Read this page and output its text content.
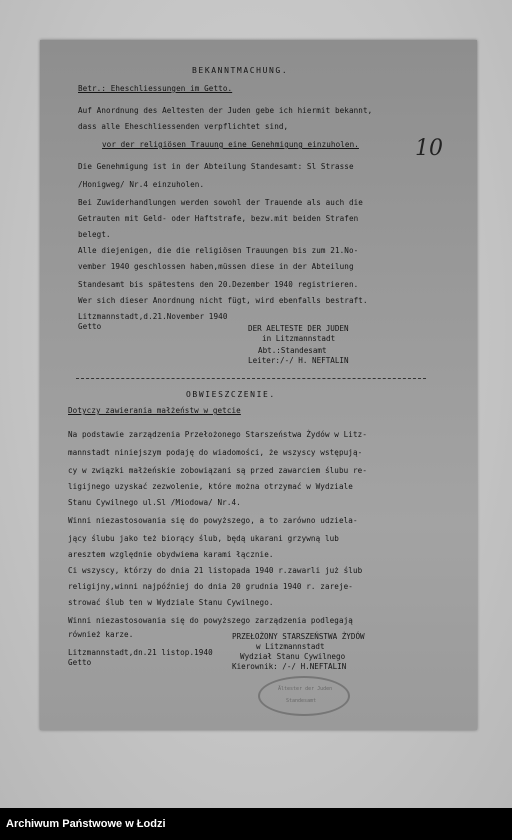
BEKANNTMACHUNG.
Betr.: Eheschliessungen im Getto.
Auf Anordnung des Aeltesten der Juden gebe ich hiermit bekannt,
dass alle Eheschliessenden verpflichtet sind,
vor der religiösen Trauung eine Genehmigung einzuholen.
Die Genehmigung ist in der Abteilung Standesamt: Sl Strasse
/Honigweg/ Nr.4 einzuholen.
Bei Zuwiderhandlungen werden sowohl der Trauende als auch die
Getrauten mit Geld- oder Haftstrafe, bezw.mit beiden Strafen
belegt.
Alle diejenigen, die die religiösen Trauungen bis zum 21.No-
vember 1940 geschlossen haben,müssen diese in der Abteilung
Standesamt bis spätestens den 20.Dezember 1940 registrieren.
Wer sich dieser Anordnung nicht fügt, wird ebenfalls bestraft.
Litzmannstadt,d.21.November 1940
Getto	DER AELTESTE DER JUDEN
in Litzmannstadt
Abt.:Standesamt
Leiter:/-/ H. NEFTALIN
OBWIESZCZENIE.
Dotyczy zawierania małżeństw w getcie
Na podstawie zarządzenia Przełożonego Starszeństwa Żydów w Litz-
mannstadt niniejszym podaję do wiadomości, że wszyscy wstępują-
cy w związki małżeńskie zobowiązani są przed zawarciem ślubu re-
ligijnego uzyskać zezwolenie, które można otrzymać w Wydziale
Stanu Cywilnego ul.Sl /Miodowa/ Nr.4.
Winni niezastosowania się do powyższego, a to zarówno udziela-
jący ślubu jako też biorący ślub, będą ukarani grzywną lub
aresztem względnie obydwiema karami łącznie.
Ci wszyscy, którzy do dnia 21 listopada 1940 r.zawarli już ślub
religijny,winni najpóźniej do dnia 20 grudnia 1940 r. zareje-
strować ślub ten w Wydziale Stanu Cywilnego.
Winni niezastosowania się do powyższego zarządzenia podlegają
również karze.
Litzmannstadt,dn.21 listop.1940
Getto
PRZEŁOŻONY STARSZEŃSTWA ŻYDÓW
w Litzmannstadt
Wydział Stanu Cywilnego
Kierownik: /-/ H.NEFTALIN
10
Ältester der Juden
Standesamt
Archiwum Państwowe w Łodzi
